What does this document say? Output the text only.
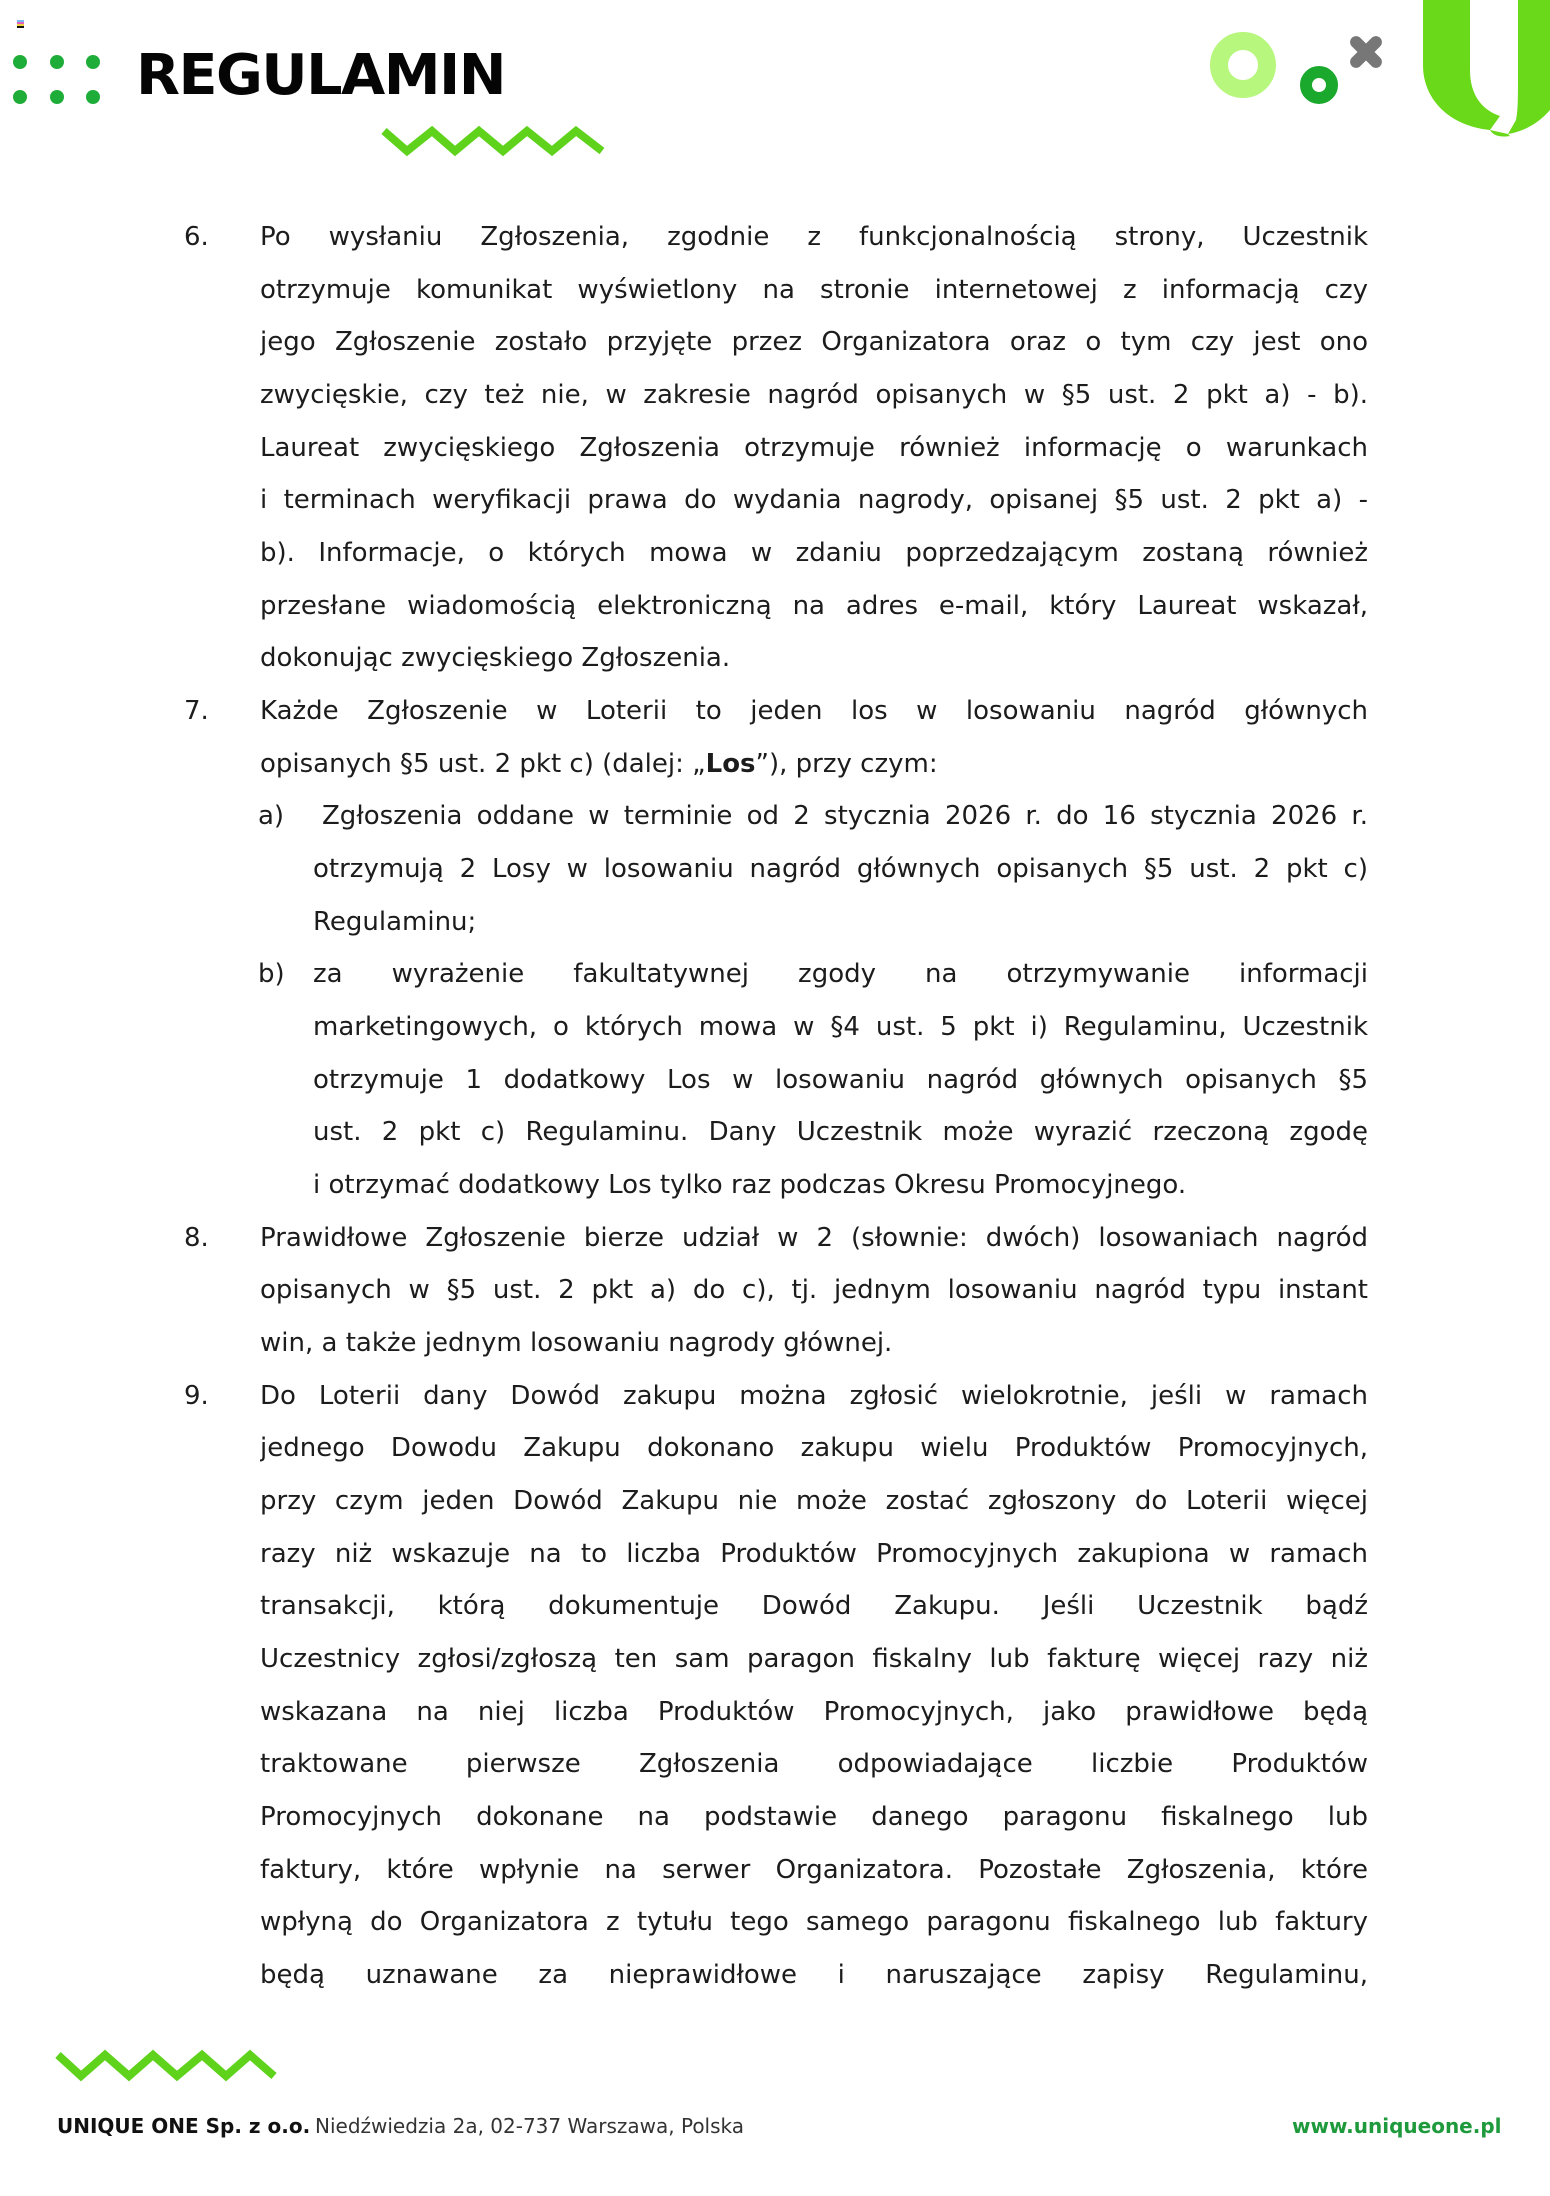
REGULAMIN
6. Po wysłaniu Zgłoszenia, zgodnie z funkcjonalnością strony, Uczestnik
otrzymuje komunikat wyświetlony na stronie internetowej z informacją czy
jego Zgłoszenie zostało przyjęte przez Organizatora oraz o tym czy jest ono
zwycięskie, czy też nie, w zakresie nagród opisanych w §5 ust. 2 pkt a) - b).
Laureat zwycięskiego Zgłoszenia otrzymuje również informację o warunkach
i terminach weryfikacji prawa do wydania nagrody, opisanej §5 ust. 2 pkt a) -
b). Informacje, o których mowa w zdaniu poprzedzającym zostaną również
przesłane wiadomością elektroniczną na adres e-mail, który Laureat wskazał,
dokonując zwycięskiego Zgłoszenia.
7. Każde Zgłoszenie w Loterii to jeden los w losowaniu nagród głównych
opisanych §5 ust. 2 pkt c) (dalej: „Los”), przy czym:
a) Zgłoszenia oddane w terminie od 2 stycznia 2026 r. do 16 stycznia 2026 r.
otrzymują 2 Losy w losowaniu nagród głównych opisanych §5 ust. 2 pkt c)
Regulaminu;
b) za wyrażenie fakultatywnej zgody na otrzymywanie informacji
marketingowych, o których mowa w §4 ust. 5 pkt i) Regulaminu, Uczestnik
otrzymuje 1 dodatkowy Los w losowaniu nagród głównych opisanych §5
ust. 2 pkt c) Regulaminu. Dany Uczestnik może wyrazić rzeczoną zgodę
i otrzymać dodatkowy Los tylko raz podczas Okresu Promocyjnego.
8. Prawidłowe Zgłoszenie bierze udział w 2 (słownie: dwóch) losowaniach nagród
opisanych w §5 ust. 2 pkt a) do c), tj. jednym losowaniu nagród typu instant
win, a także jednym losowaniu nagrody głównej.
9. Do Loterii dany Dowód zakupu można zgłosić wielokrotnie, jeśli w ramach
jednego Dowodu Zakupu dokonano zakupu wielu Produktów Promocyjnych,
przy czym jeden Dowód Zakupu nie może zostać zgłoszony do Loterii więcej
razy niż wskazuje na to liczba Produktów Promocyjnych zakupiona w ramach
transakcji, którą dokumentuje Dowód Zakupu. Jeśli Uczestnik bądź
Uczestnicy zgłosi/zgłoszą ten sam paragon fiskalny lub fakturę więcej razy niż
wskazana na niej liczba Produktów Promocyjnych, jako prawidłowe będą
traktowane pierwsze Zgłoszenia odpowiadające liczbie Produktów
Promocyjnych dokonane na podstawie danego paragonu fiskalnego lub
faktury, które wpłynie na serwer Organizatora. Pozostałe Zgłoszenia, które
wpłyną do Organizatora z tytułu tego samego paragonu fiskalnego lub faktury
będą uznawane za nieprawidłowe i naruszające zapisy Regulaminu,
UNIQUE ONE Sp. z o.o. Niedźwiedzia 2a, 02-737 Warszawa, Polska	www.uniqueone.pl
